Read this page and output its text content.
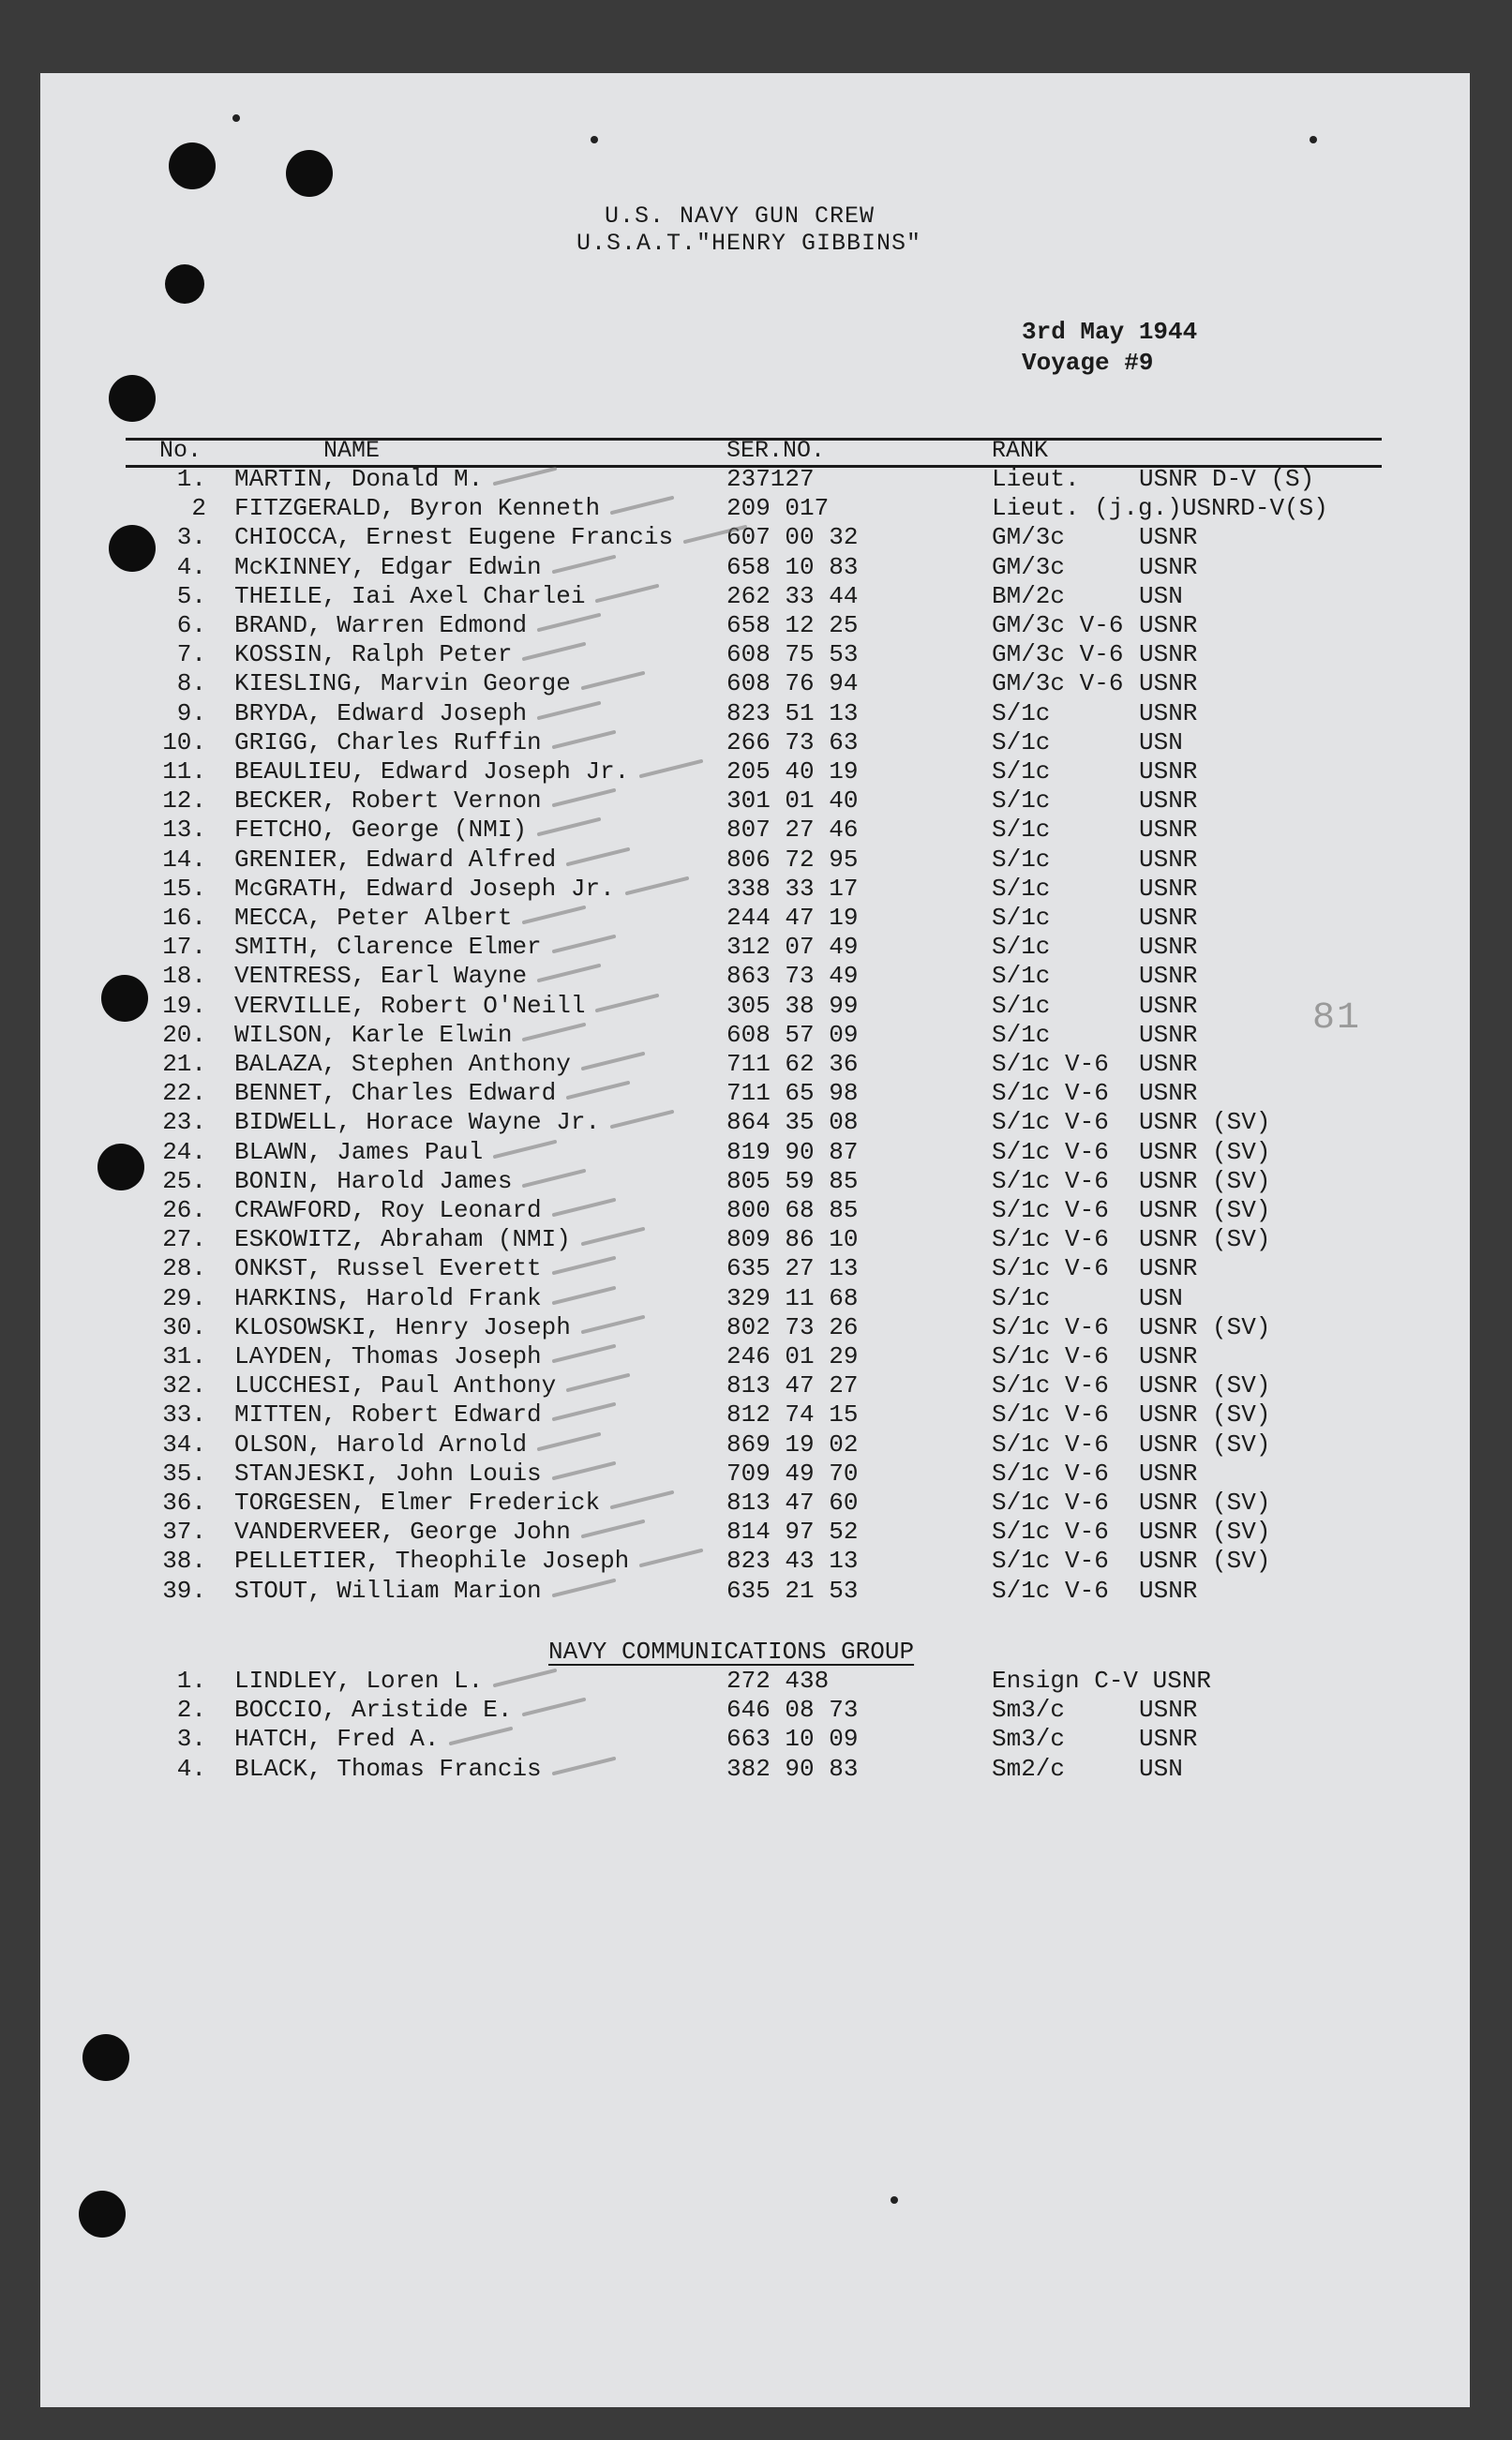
U.S. NAVY GUN CREW
U.S.A.T."HENRY GIBBINS"
3rd May 1944
Voyage #9
No.	NAME	SER.NO.	RANK
1. MARTIN, Donald M.	237127	Lieut. USNR D-V (S)
2 FITZGERALD, Byron Kenneth	209 017	Lieut. (j.g.)USNRD-V(S)
3. CHIOCCA, Ernest Eugene Francis 607 00 32	GM/3c	USNR
4. McKINNEY, Edgar Edwin	658 10 83	GM/3c	USNR
5. THEILE, Iai Axel Charlei	262 33 44	BM/2c	USN
6. BRAND, Warren Edmond	658 12 25	GM/3c V-6 USNR
7. KOSSIN, Ralph Peter	608 75 53	GM/3c V-6 USNR
8. KIESLING, Marvin George	608 76 94	GM/3c V-6 USNR
9. BRYDA, Edward Joseph	823 51 13	S/1c	USNR
10. GRIGG, Charles Ruffin	266 73 63	S/1c	USN
11. BEAULIEU, Edward Joseph Jr.	205 40 19	S/1c	USNR
12. BECKER, Robert Vernon	301 01 40	S/1c	USNR
13. FETCHO, George (NMI)	807 27 46	S/1c	USNR
14. GRENIER, Edward Alfred	806 72 95	S/1c	USNR
15. McGRATH, Edward Joseph Jr.	338 33 17	S/1c	USNR
16. MECCA, Peter Albert	244 47 19	S/1c	USNR
17. SMITH, Clarence Elmer	312 07 49	S/1c	USNR
18. VENTRESS, Earl Wayne	863 73 49	S/1c	USNR
19. VERVILLE, Robert O'Neill	305 38 99	S/1c	USNR
20. WILSON, Karle Elwin	608 57 09	S/1c	USNR
21. BALAZA, Stephen Anthony	711 62 36	S/1c V-6 USNR
22. BENNET, Charles Edward	711 65 98	S/1c V-6 USNR
23. BIDWELL, Horace Wayne Jr.	864 35 08	S/1c V-6 USNR (SV)
24. BLAWN, James Paul	819 90 87	S/1c V-6 USNR (SV)
25. BONIN, Harold James	805 59 85	S/1c V-6 USNR (SV)
26. CRAWFORD, Roy Leonard	800 68 85	S/1c V-6 USNR (SV)
27. ESKOWITZ, Abraham (NMI)	809 86 10	S/1c V-6 USNR (SV)
28. ONKST, Russel Everett	635 27 13	S/1c V-6 USNR
29. HARKINS, Harold Frank	329 11 68	S/1c	USN
30. KLOSOWSKI, Henry Joseph	802 73 26	S/1c V-6 USNR (SV)
31. LAYDEN, Thomas Joseph	246 01 29	S/1c V-6 USNR
32. LUCCHESI, Paul Anthony	813 47 27	S/1c V-6 USNR (SV)
33. MITTEN, Robert Edward	812 74 15	S/1c V-6 USNR (SV)
34. OLSON, Harold Arnold	869 19 02	S/1c V-6 USNR (SV)
35. STANJESKI, John Louis	709 49 70	S/1c V-6 USNR
36. TORGESEN, Elmer Frederick	813 47 60	S/1c V-6 USNR (SV)
37. VANDERVEER, George John	814 97 52	S/1c V-6 USNR (SV)
38. PELLETIER, Theophile Joseph	823 43 13	S/1c V-6 USNR (SV)
39. STOUT, William Marion	635 21 53	S/1c V-6 USNR
NAVY COMMUNICATIONS GROUP
1. LINDLEY, Loren L.	272 438	Ensign C-V USNR
2. BOCCIO, Aristide E.	646 08 73	Sm3/c	USNR
3. HATCH, Fred A.	663 10 09	Sm3/c	USNR
4. BLACK, Thomas Francis	382 90 83	Sm2/c	USN
81
